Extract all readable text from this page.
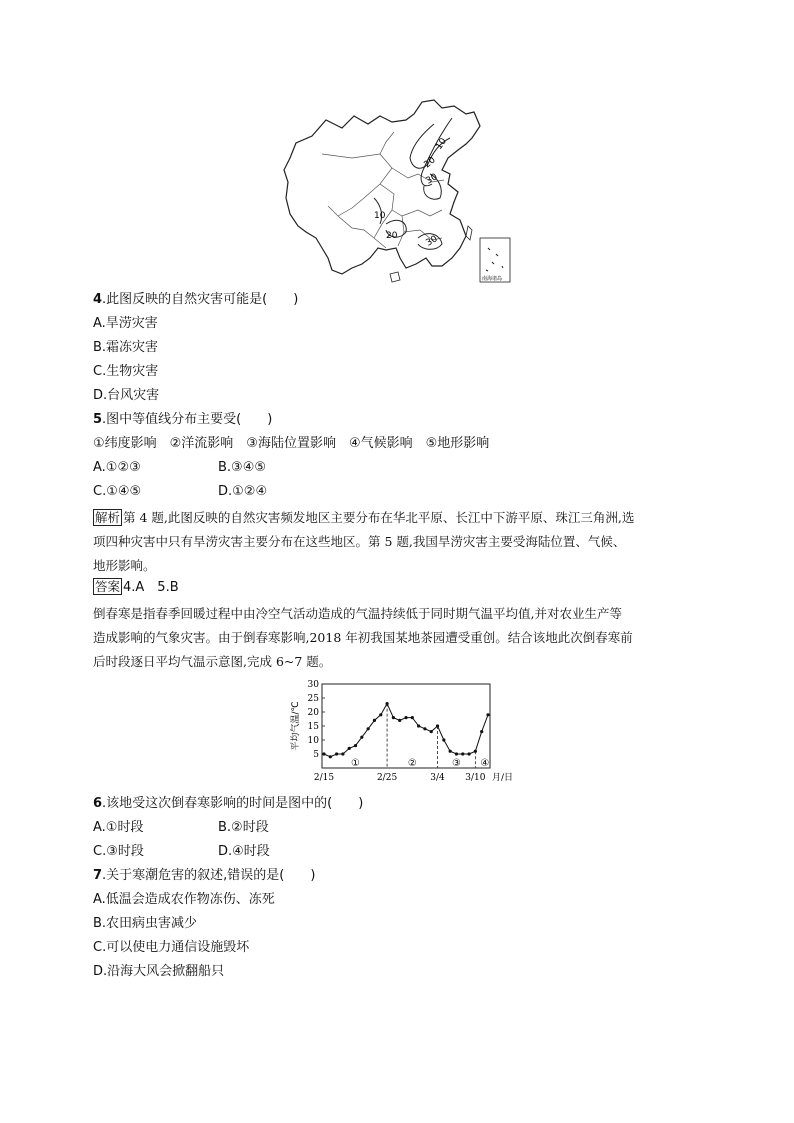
10
20
30
10
20	30
南海诸岛
4.此图反映的自然灾害可能是(　　)
A.旱涝灾害
B.霜冻灾害
C.生物灾害
D.台风灾害
5.图中等值线分布主要受(　　)
①纬度影响　②洋流影响　③海陆位置影响　④气候影响　⑤地形影响
A.①②③	B.③④⑤
C.①④⑤	D.①②④
解析 第 4 题,此图反映的自然灾害频发地区主要分布在华北平原、长江中下游平原、珠江三角洲,选
项四种灾害中只有旱涝灾害主要分布在这些地区。第 5 题,我国旱涝灾害主要受海陆位置、气候、
地形影响。
答案 4.A　5.B
倒春寒是指春季回暖过程中由冷空气活动造成的气温持续低于同时期气温平均值,并对农业生产等
造成影响的气象灾害。由于倒春寒影响,2018 年初我国某地茶园遭受重创。结合该地此次倒春寒前
后时段逐日平均气温示意图,完成 6~7 题。
5
10
15
20
25
30
平均气温/℃
2/15	2/25	3/4 3/10 月/日
①	②	③ ④
6.该地受这次倒春寒影响的时间是图中的(　　)
A.①时段	B.②时段
C.③时段	D.④时段
7.关于寒潮危害的叙述,错误的是(　　)
A.低温会造成农作物冻伤、冻死
B.农田病虫害减少
C.可以使电力通信设施毁坏
D.沿海大风会掀翻船只
